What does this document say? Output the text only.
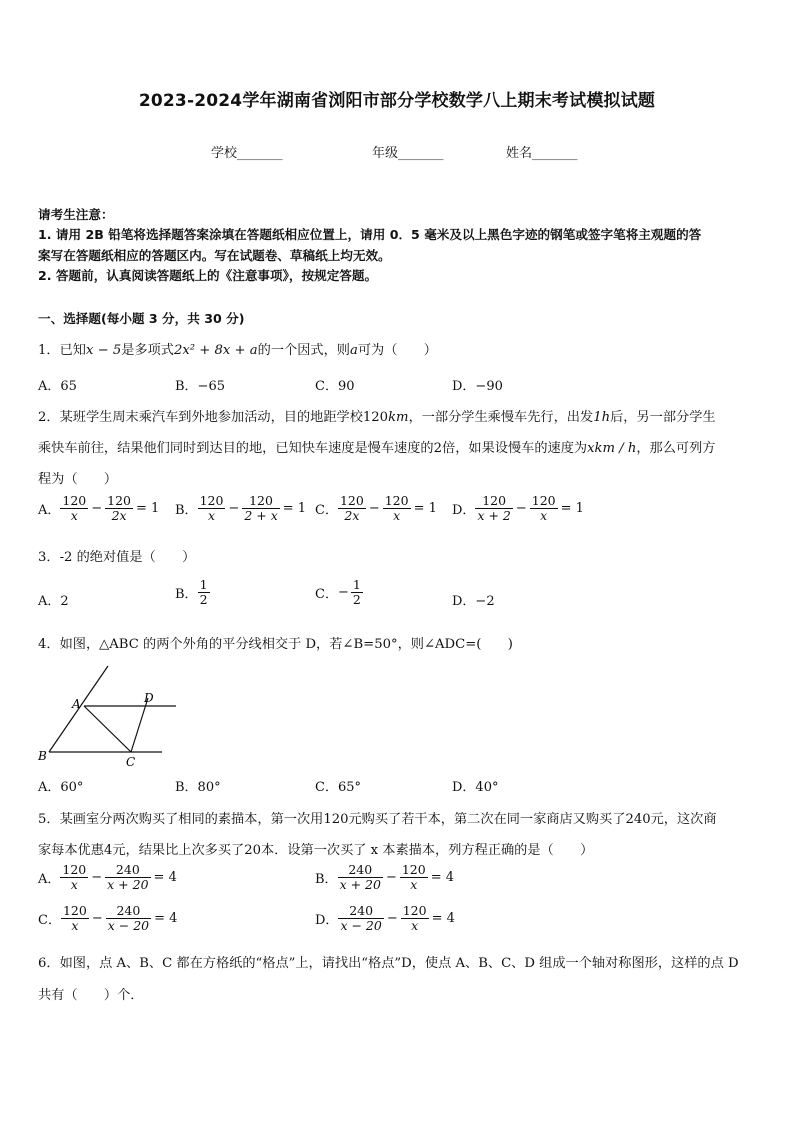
2023-2024学年湖南省浏阳市部分学校数学八上期末考试模拟试题
学校_______	年级_______	姓名_______
请考生注意：
1. 请用 2B 铅笔将选择题答案涂填在答题纸相应位置上，请用 0．5 毫米及以上黑色字迹的钢笔或签字笔将主观题的答
案写在答题纸相应的答题区内。写在试题卷、草稿纸上均无效。
2. 答题前，认真阅读答题纸上的《注意事项》，按规定答题。
一、选择题(每小题 3 分，共 30 分)
1．已知x − 5是多项式2x² + 8x + a的一个因式，则a可为（　　）
A．65	B．−65	C．90	D．−90
2．某班学生周末乘汽车到外地参加活动，目的地距学校120km，一部分学生乘慢车先行，出发1h后，另一部分学生
乘快车前往，结果他们同时到达目的地，已知快车速度是慢车速度的2倍，如果设慢车的速度为xkm / h，那么可列方
程为（　　）
A． $\frac{120}{x} - \frac{120}{2x} = 1$ B． $\frac{120}{x} - \frac{120}{2 + x} = 1$ C． $\frac{120}{2x} - \frac{120}{x} = 1$ D． $\frac{120}{x + 2} - \frac{120}{x} = 1$
3．-2 的绝对值是（　　）
A．2	B． $\frac{1}{2}$	C． − $\frac{1}{2}$	D．−2
4．如图，△ABC 的两个外角的平分线相交于 D，若∠B=50°，则∠ADC=(　　)
A
B	C
D
A．60°	B．80°	C．65°	D．40°
5．某画室分两次购买了相同的素描本，第一次用120元购买了若干本，第二次在同一家商店又购买了240元，这次商
家每本优惠4元，结果比上次多买了20本．设第一次买了 x 本素描本，列方程正确的是（　　）
A． $\frac{120}{x} - \frac{240}{x + 20} = 4$	B． $\frac{240}{x + 20} - \frac{120}{x} = 4$
C． $\frac{120}{x} - \frac{240}{x - 20} = 4$	D． $\frac{240}{x - 20} - \frac{120}{x} = 4$
6．如图，点 A、B、C 都在方格纸的“格点”上，请找出“格点”D，使点 A、B、C、D 组成一个轴对称图形，这样的点 D
共有（　　）个．
